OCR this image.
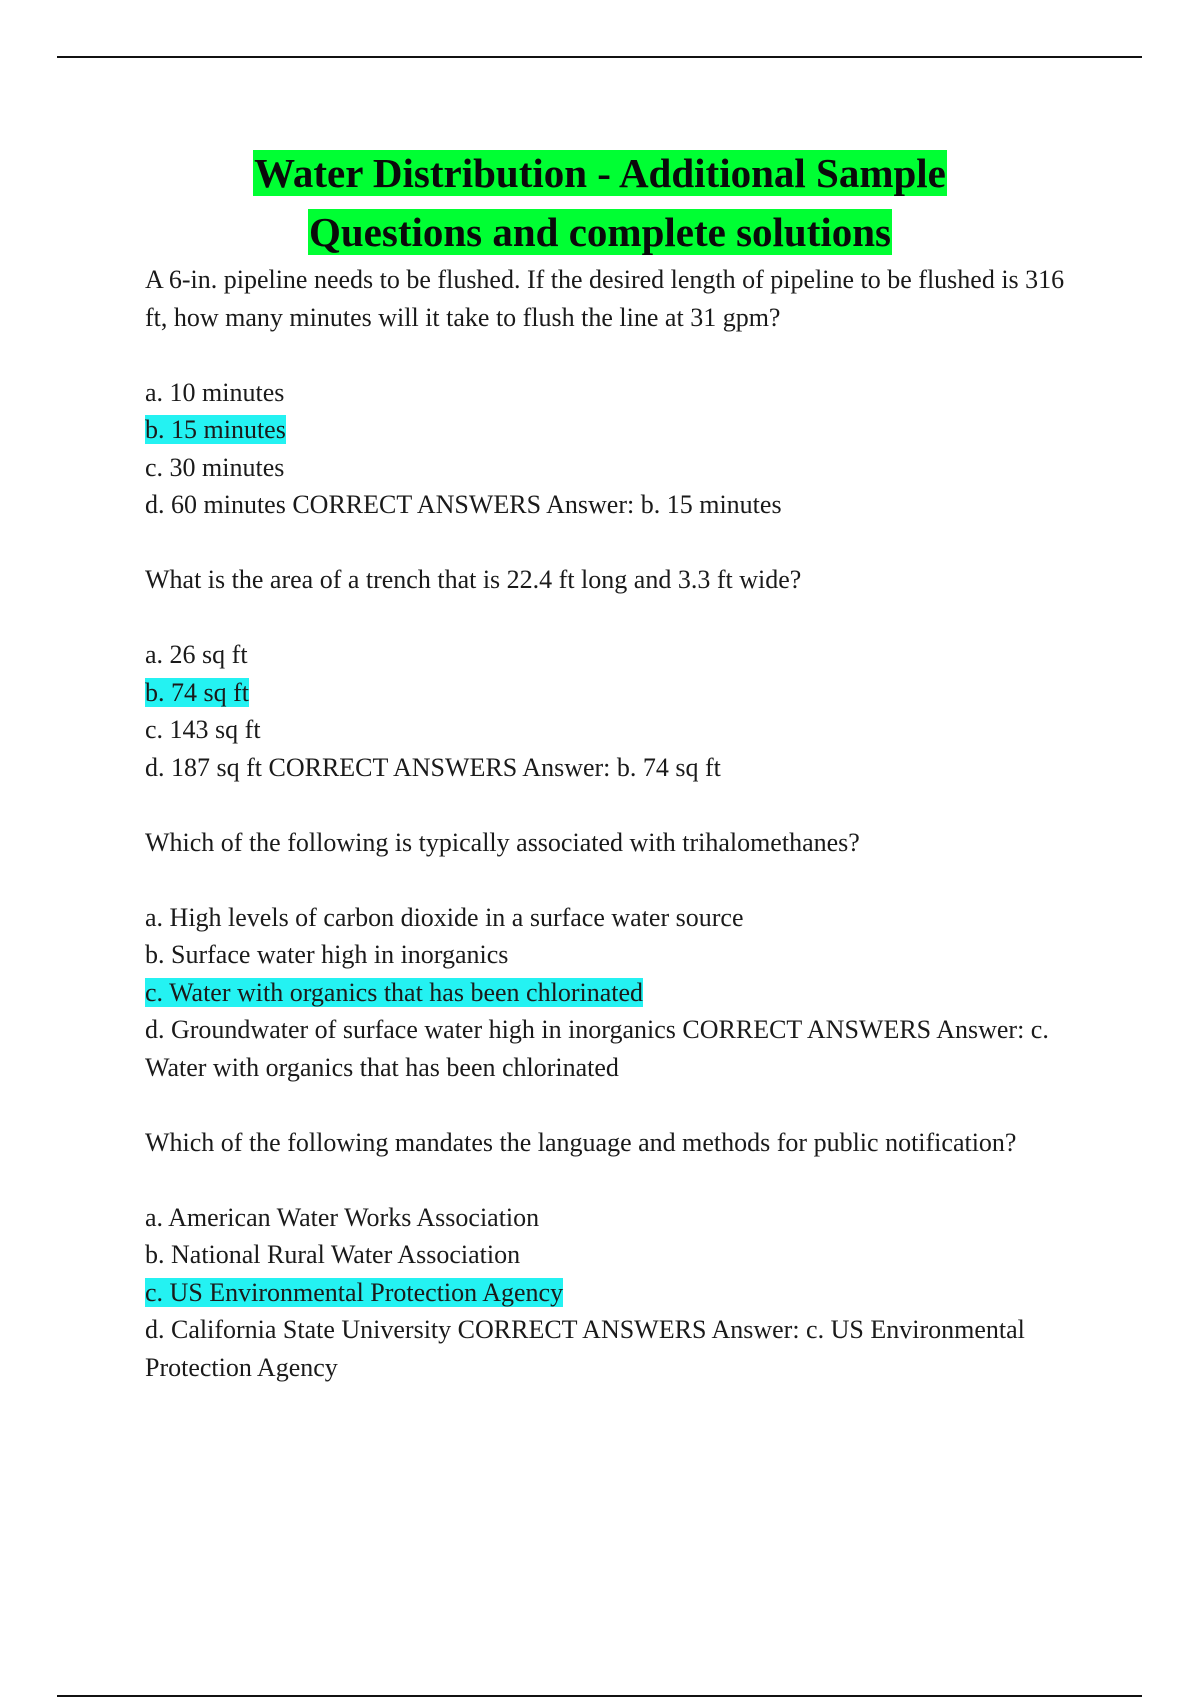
Water Distribution - Additional Sample
Questions and complete solutions

A 6-in. pipeline needs to be flushed. If the desired length of pipeline to be flushed is 316 ft, how many minutes will it take to flush the line at 31 gpm?

a. 10 minutes

b. 15 minutes

c. 30 minutes

d. 60 minutes CORRECT ANSWERS Answer: b. 15 minutes

What is the area of a trench that is 22.4 ft long and 3.3 ft wide?

a. 26 sq ft

b. 74 sq ft

c. 143 sq ft

d. 187 sq ft CORRECT ANSWERS Answer: b. 74 sq ft

Which of the following is typically associated with trihalomethanes?

a. High levels of carbon dioxide in a surface water source

b. Surface water high in inorganics

c. Water with organics that has been chlorinated

d. Groundwater of surface water high in inorganics CORRECT ANSWERS Answer: c. Water with organics that has been chlorinated

Which of the following mandates the language and methods for public notification?

a. American Water Works Association

b. National Rural Water Association

c. US Environmental Protection Agency

d. California State University CORRECT ANSWERS Answer: c. US Environmental Protection Agency
